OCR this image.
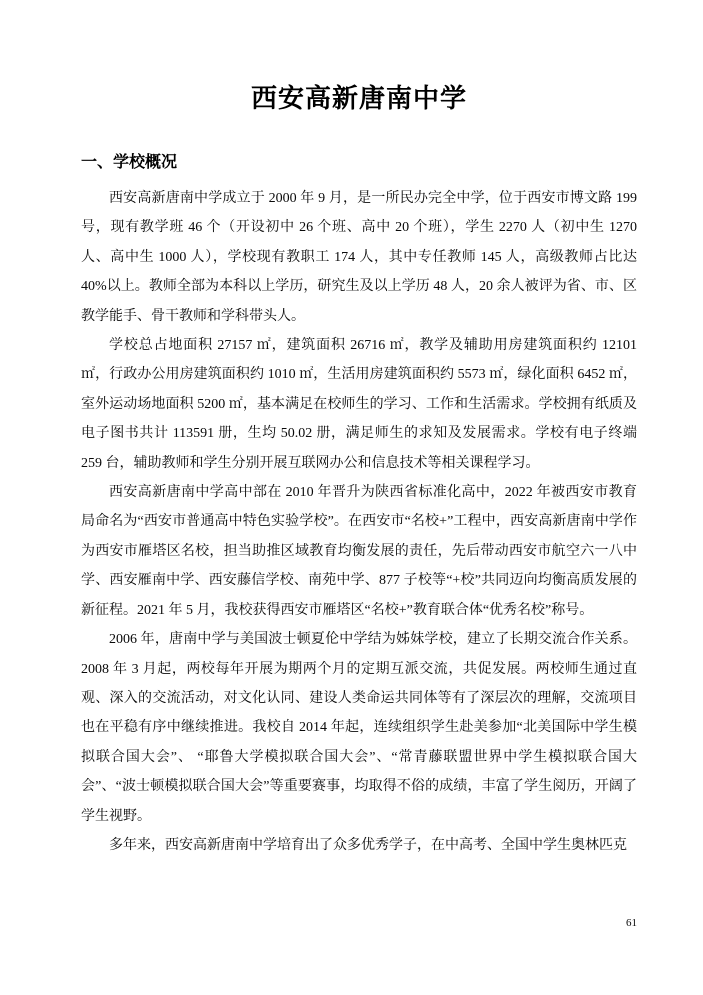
西安高新唐南中学
一、学校概况

西安高新唐南中学成立于 2000 年 9 月，是一所民办完全中学，位于西安市博文路 199 号，现有教学班 46 个（开设初中 26 个班、高中 20 个班），学生 2270 人（初中生 1270 人、高中生 1000 人），学校现有教职工 174 人，其中专任教师 145 人，高级教师占比达 40%以上。教师全部为本科以上学历，研究生及以上学历 48 人，20 余人被评为省、市、区教学能手、骨干教师和学科带头人。

学校总占地面积 27157 ㎡，建筑面积 26716 ㎡，教学及辅助用房建筑面积约 12101 ㎡，行政办公用房建筑面积约 1010 ㎡，生活用房建筑面积约 5573 ㎡，绿化面积 6452 ㎡，室外运动场地面积 5200 ㎡，基本满足在校师生的学习、工作和生活需求。学校拥有纸质及电子图书共计 113591 册，生均 50.02 册，满足师生的求知及发展需求。学校有电子终端 259 台，辅助教师和学生分别开展互联网办公和信息技术等相关课程学习。

西安高新唐南中学高中部在 2010 年晋升为陕西省标准化高中，2022 年被西安市教育局命名为“西安市普通高中特色实验学校”。在西安市“名校+”工程中，西安高新唐南中学作为西安市雁塔区名校，担当助推区域教育均衡发展的责任，先后带动西安市航空六一八中学、西安雁南中学、西安藤信学校、南苑中学、877 子校等“+校”共同迈向均衡高质发展的新征程。2021 年 5 月，我校获得西安市雁塔区“名校+”教育联合体“优秀名校”称号。

2006 年，唐南中学与美国波士顿夏伦中学结为姊妹学校，建立了长期交流合作关系。2008 年 3 月起，两校每年开展为期两个月的定期互派交流，共促发展。两校师生通过直观、深入的交流活动，对文化认同、建设人类命运共同体等有了深层次的理解，交流项目也在平稳有序中继续推进。我校自 2014 年起，连续组织学生赴美参加“北美国际中学生模拟联合国大会”、 “耶鲁大学模拟联合国大会”、“常青藤联盟世界中学生模拟联合国大会”、“波士顿模拟联合国大会”等重要赛事，均取得不俗的成绩，丰富了学生阅历，开阔了学生视野。

多年来，西安高新唐南中学培育出了众多优秀学子，在中高考、全国中学生奥林匹克

61
